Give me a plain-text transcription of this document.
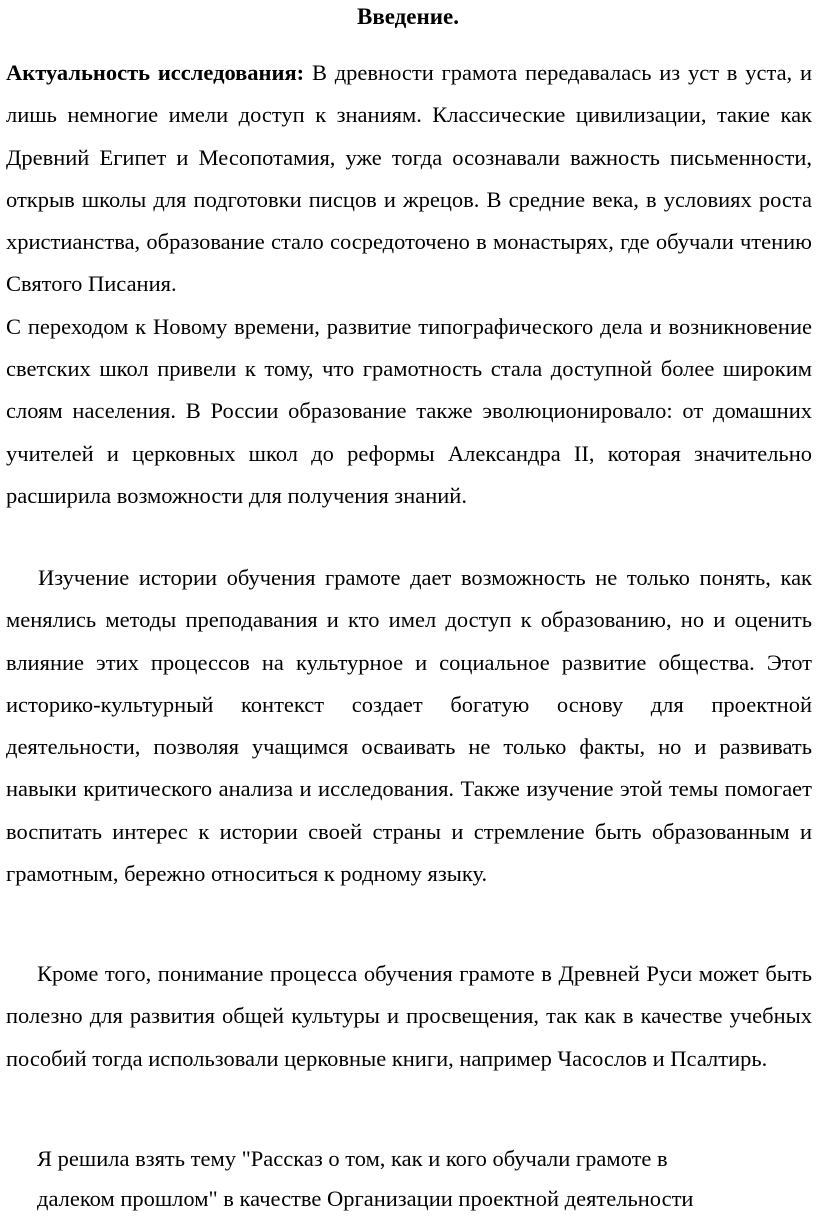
Введение.

Актуальность исследования: В древности грамота передавалась из уст в уста, и лишь немногие имели доступ к знаниям. Классические цивилизации, такие как Древний Египет и Месопотамия, уже тогда осознавали важность письменности, открыв школы для подготовки писцов и жрецов. В средние века, в условиях роста христианства, образование стало сосредоточено в монастырях, где обучали чтению Святого Писания.
С переходом к Новому времени, развитие типографического дела и возникновение светских школ привели к тому, что грамотность стала доступной более широким слоям населения. В России образование также эволюционировало: от домашних учителей и церковных школ до реформы Александра II, которая значительно расширила возможности для получения знаний.

Изучение истории обучения грамоте дает возможность не только понять, как менялись методы преподавания и кто имел доступ к образованию, но и оценить влияние этих процессов на культурное и социальное развитие общества. Этот историко-культурный контекст создает богатую основу для проектной деятельности, позволяя учащимся осваивать не только факты, но и развивать навыки критического анализа и исследования. Также изучение этой темы помогает воспитать интерес к истории своей страны и стремление быть образованным и грамотным, бережно относиться к родному языку.

Кроме того, понимание процесса обучения грамоте в Древней Руси может быть полезно для развития общей культуры и просвещения, так как в качестве учебных пособий тогда использовали церковные книги, например Часослов и Псалтирь.

Я решила взять тему "Рассказ о том, как и кого обучали грамоте в
далеком прошлом" в качестве Организации проектной деятельности
